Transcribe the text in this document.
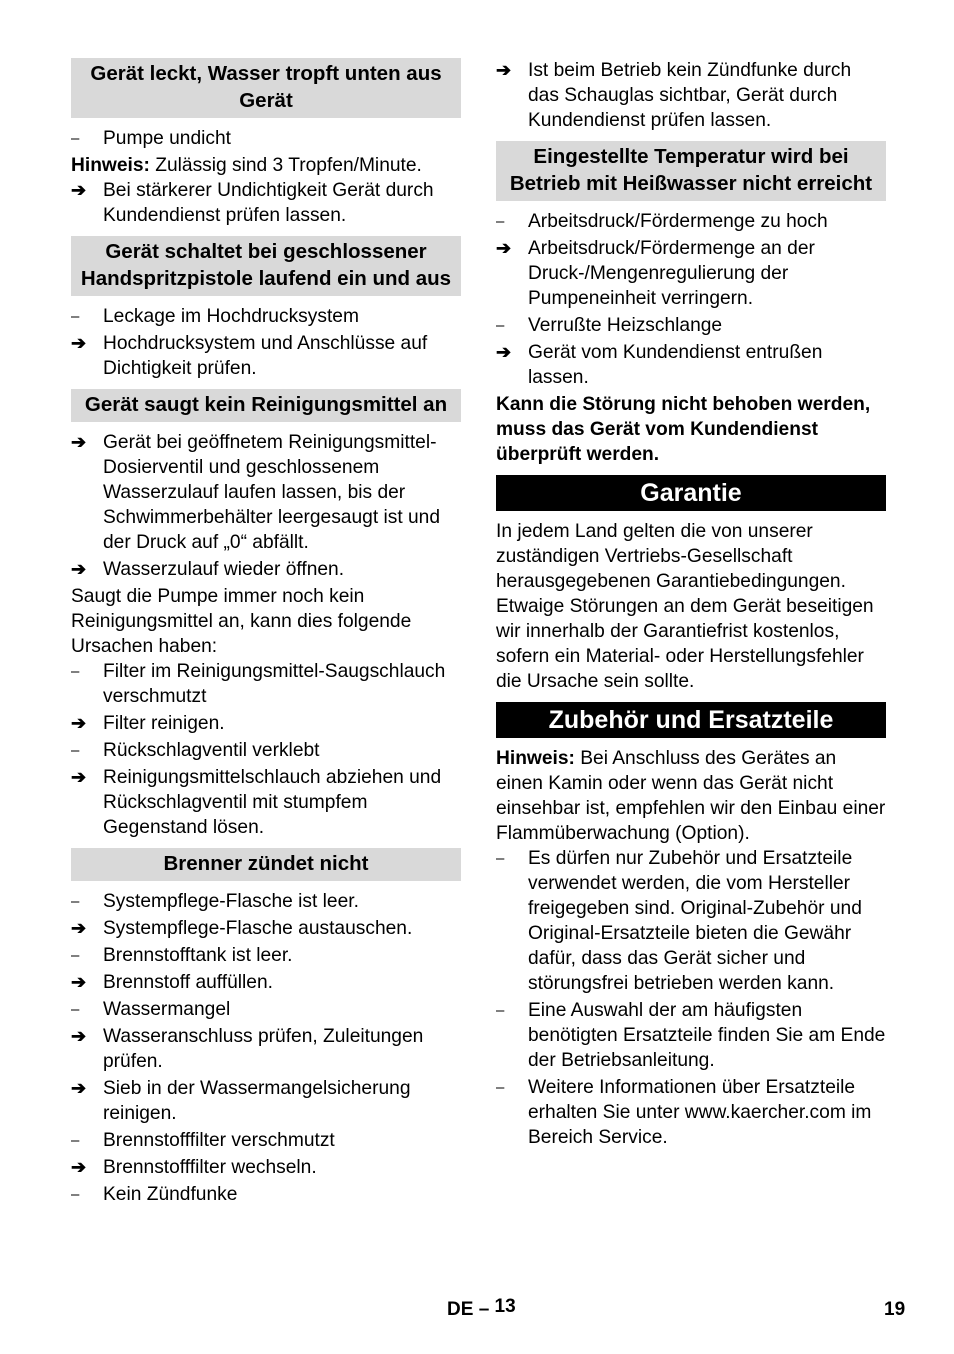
Gerät leckt, Wasser tropft unten aus Gerät
–	Pumpe undicht

Hinweis: Zulässig sind 3 Tropfen/Minute.

➔ Bei stärkerer Undichtigkeit Gerät durch Kundendienst prüfen lassen.
Gerät schaltet bei geschlossener Handspritzpistole laufend ein und aus
–	Leckage im Hochdrucksystem
➔ Hochdrucksystem und Anschlüsse auf Dichtigkeit prüfen.
Gerät saugt kein Reinigungsmittel an
➔ Gerät bei geöffnetem Reinigungsmittel-Dosierventil und geschlossenem Wasserzulauf laufen lassen, bis der Schwimmerbehälter leergesaugt ist und der Druck auf „0“ abfällt.
➔ Wasserzulauf wieder öffnen.

Saugt die Pumpe immer noch kein Reinigungsmittel an, kann dies folgende Ursachen haben:

–	Filter im Reinigungsmittel-Saugschlauch verschmutzt
➔ Filter reinigen.
–	Rückschlagventil verklebt
➔ Reinigungsmittelschlauch abziehen und Rückschlagventil mit stumpfem Gegenstand lösen.
Brenner zündet nicht
–	Systempflege-Flasche ist leer.
➔ Systempflege-Flasche austauschen.
–	Brennstofftank ist leer.
➔ Brennstoff auffüllen.
–	Wassermangel
➔ Wasseranschluss prüfen, Zuleitungen prüfen.
➔ Sieb in der Wassermangelsicherung reinigen.
–	Brennstofffilter verschmutzt
➔ Brennstofffilter wechseln.
–	Kein Zündfunke
➔ Ist beim Betrieb kein Zündfunke durch das Schauglas sichtbar, Gerät durch Kundendienst prüfen lassen.
Eingestellte Temperatur wird bei Betrieb mit Heißwasser nicht erreicht
–	Arbeitsdruck/Fördermenge zu hoch
➔ Arbeitsdruck/Fördermenge an der Druck-/Mengenregulierung der Pumpeneinheit verringern.
–	Verrußte Heizschlange
➔ Gerät vom Kundendienst entrußen lassen.

Kann die Störung nicht behoben werden, muss das Gerät vom Kundendienst überprüft werden.

Garantie

In jedem Land gelten die von unserer zuständigen Vertriebs-Gesellschaft herausgegebenen Garantiebedingungen. Etwaige Störungen an dem Gerät beseitigen wir innerhalb der Garantiefrist kostenlos, sofern ein Material- oder Herstellungsfehler die Ursache sein sollte.

Zubehör und Ersatzteile

Hinweis: Bei Anschluss des Gerätes an einen Kamin oder wenn das Gerät nicht einsehbar ist, empfehlen wir den Einbau einer Flammüberwachung (Option).

–	Es dürfen nur Zubehör und Ersatzteile verwendet werden, die vom Hersteller freigegeben sind. Original-Zubehör und Original-Ersatzteile bieten die Gewähr dafür, dass das Gerät sicher und störungsfrei betrieben werden kann.
–	Eine Auswahl der am häufigsten benötigten Ersatzteile finden Sie am Ende der Betriebsanleitung.
–	Weitere Informationen über Ersatzteile erhalten Sie unter www.kaercher.com im Bereich Service.
DE – 13	19
